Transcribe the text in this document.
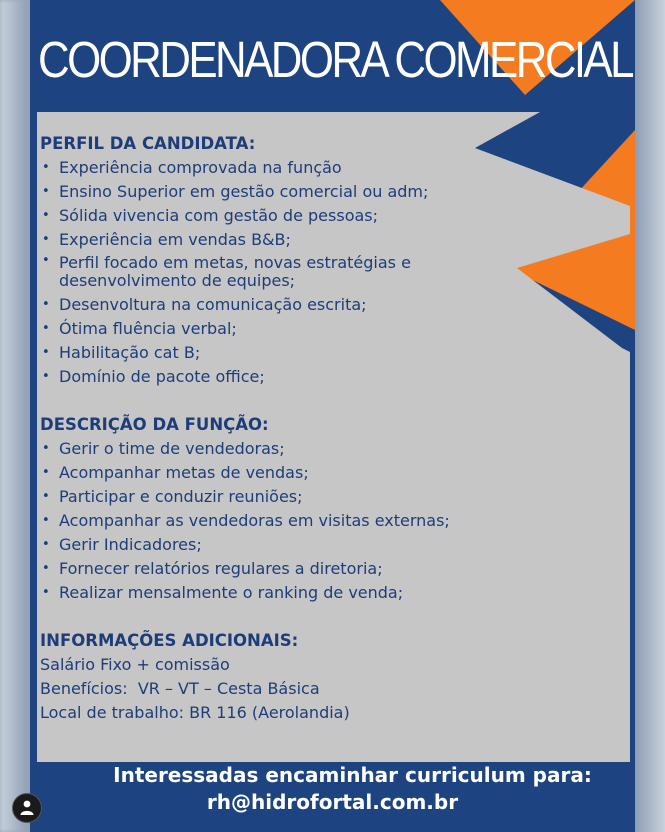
COORDENADORA COMERCIAL
PERFIL DA CANDIDATA:
• Experiência comprovada na função
• Ensino Superior em gestão comercial ou adm;
• Sólida vivencia com gestão de pessoas;
• Experiência em vendas B&B;
• Perfil focado em metas, novas estratégias e desenvolvimento de equipes;
• Desenvoltura na comunicação escrita;
• Ótima fluência verbal;
• Habilitação cat B;
• Domínio de pacote office;
DESCRIÇÃO DA FUNÇÃO:
• Gerir o time de vendedoras;
• Acompanhar metas de vendas;
• Participar e conduzir reuniões;
• Acompanhar as vendedoras em visitas externas;
• Gerir Indicadores;
• Fornecer relatórios regulares a diretoria;
• Realizar mensalmente o ranking de venda;
INFORMAÇÕES ADICIONAIS:
Salário Fixo + comissão
Benefícios:  VR – VT – Cesta Básica
Local de trabalho: BR 116 (Aerolandia)
Interessadas encaminhar curriculum para:
rh@hidrofortal.com.br
